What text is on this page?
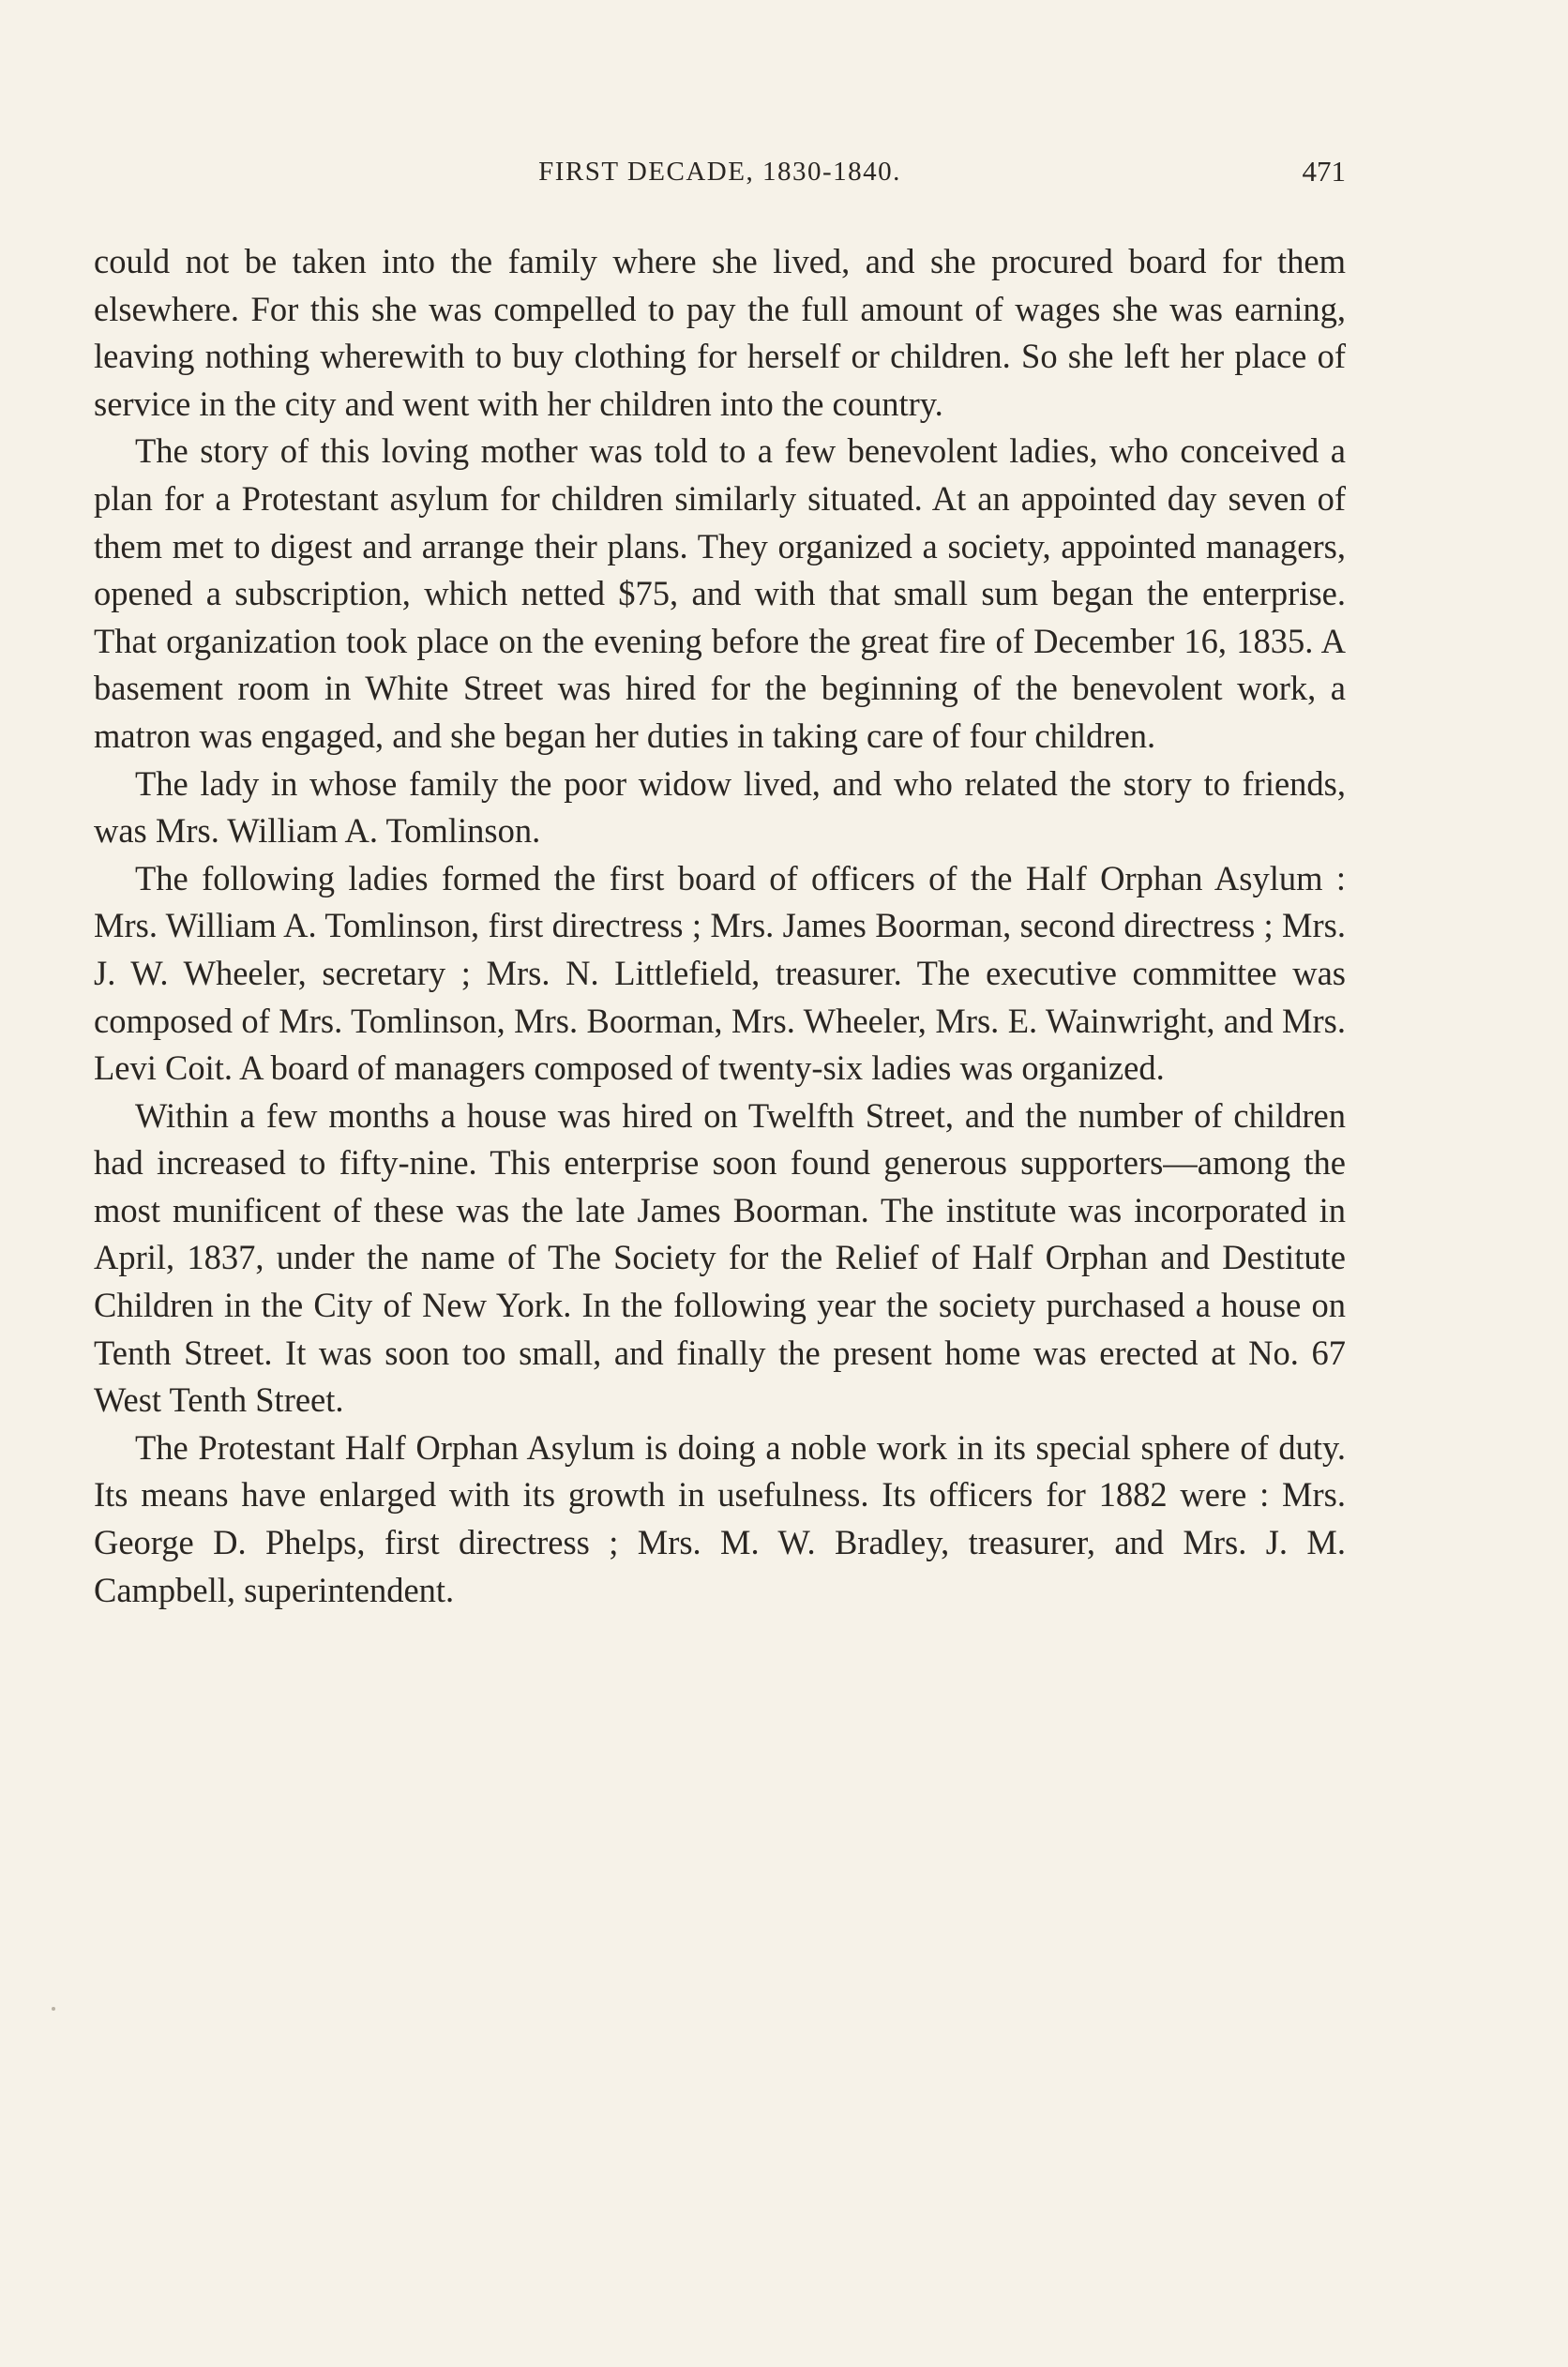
FIRST DECADE, 1830-1840.	471

could not be taken into the family where she lived, and she procured board for them elsewhere. For this she was compelled to pay the full amount of wages she was earning, leaving nothing wherewith to buy clothing for herself or children. So she left her place of service in the city and went with her children into the country.

The story of this loving mother was told to a few benevolent ladies, who conceived a plan for a Protestant asylum for children similarly situated. At an appointed day seven of them met to digest and arrange their plans. They organized a society, appointed managers, opened a subscription, which netted $75, and with that small sum began the enterprise. That organization took place on the evening before the great fire of December 16, 1835. A basement room in White Street was hired for the beginning of the benevolent work, a matron was engaged, and she began her duties in taking care of four children.

The lady in whose family the poor widow lived, and who related the story to friends, was Mrs. William A. Tomlinson.

The following ladies formed the first board of officers of the Half Orphan Asylum : Mrs. William A. Tomlinson, first directress ; Mrs. James Boorman, second directress ; Mrs. J. W. Wheeler, secretary ; Mrs. N. Littlefield, treasurer. The executive committee was composed of Mrs. Tomlinson, Mrs. Boorman, Mrs. Wheeler, Mrs. E. Wainwright, and Mrs. Levi Coit. A board of managers composed of twenty-six ladies was organized.

Within a few months a house was hired on Twelfth Street, and the number of children had increased to fifty-nine. This enterprise soon found generous supporters—among the most munificent of these was the late James Boorman. The institute was incorporated in April, 1837, under the name of The Society for the Relief of Half Orphan and Destitute Children in the City of New York. In the following year the society purchased a house on Tenth Street. It was soon too small, and finally the present home was erected at No. 67 West Tenth Street.

The Protestant Half Orphan Asylum is doing a noble work in its special sphere of duty. Its means have enlarged with its growth in usefulness. Its officers for 1882 were : Mrs. George D. Phelps, first directress ; Mrs. M. W. Bradley, treasurer, and Mrs. J. M. Campbell, superintendent.
